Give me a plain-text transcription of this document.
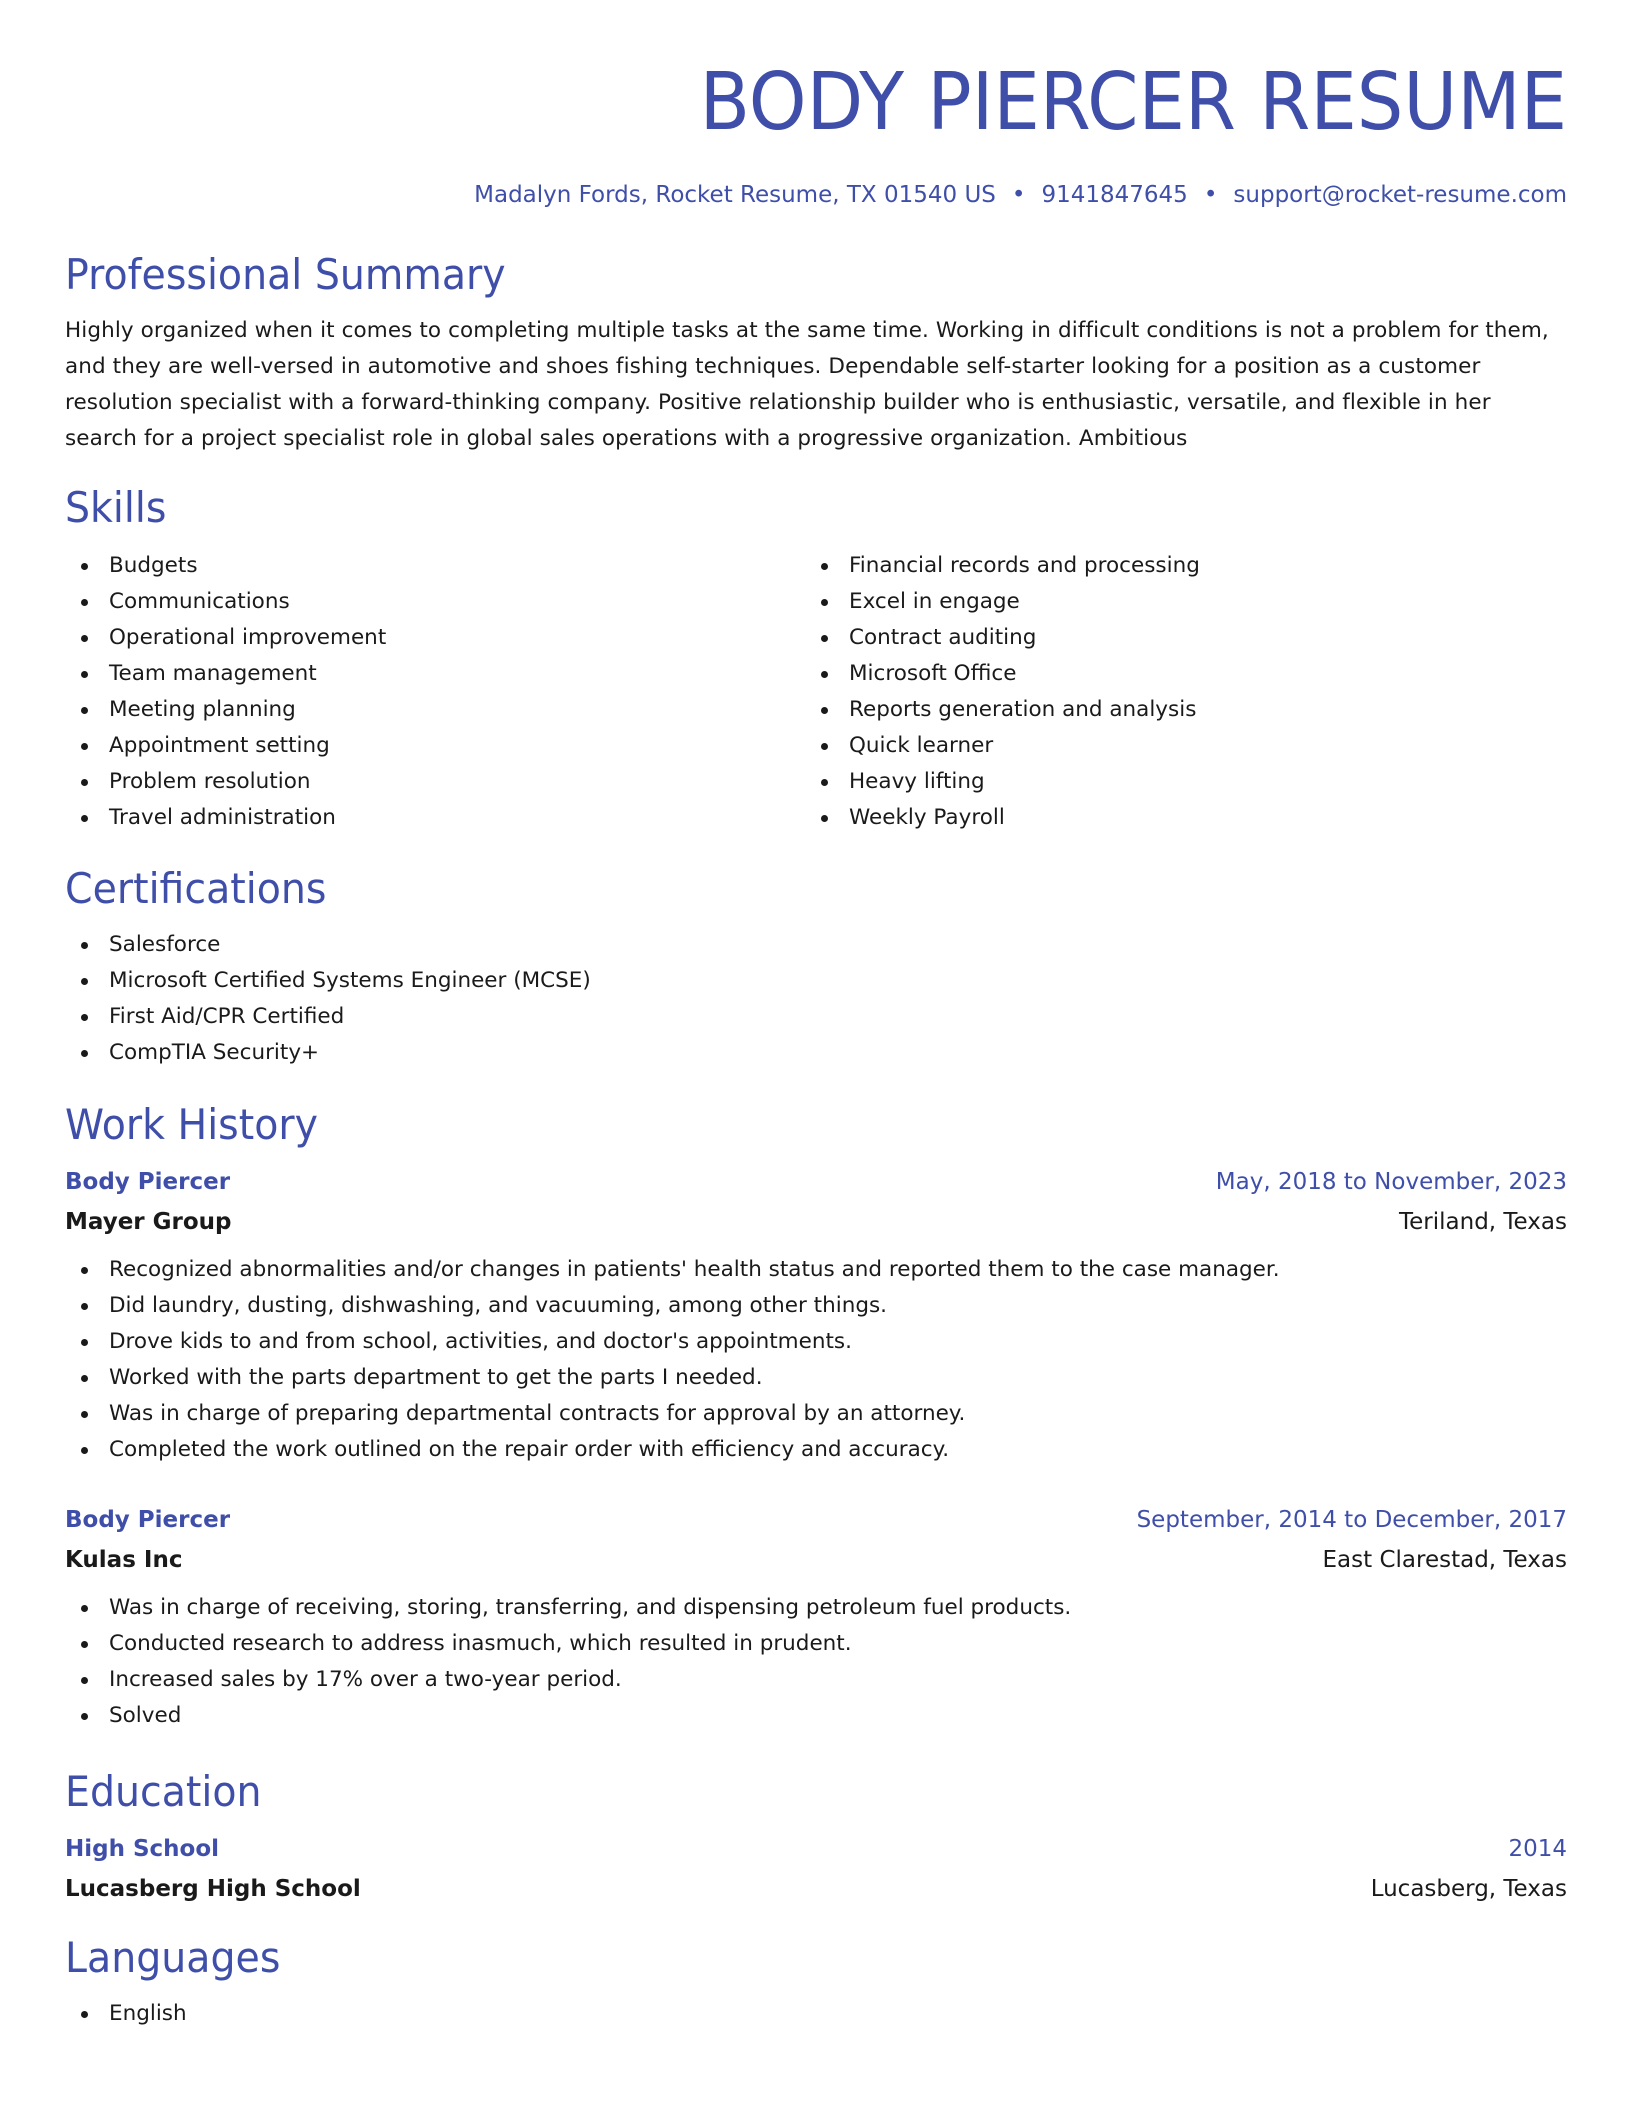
BODY PIERCER RESUME
Madalyn Fords, Rocket Resume, TX 01540 US • 9141847645 • support@rocket-resume.com
Professional Summary

Highly organized when it comes to completing multiple tasks at the same time. Working in difficult conditions is not a problem for them, and they are well-versed in automotive and shoes fishing techniques. Dependable self-starter looking for a position as a customer resolution specialist with a forward-thinking company. Positive relationship builder who is enthusiastic, versatile, and flexible in her search for a project specialist role in global sales operations with a progressive organization. Ambitious

Skills
Budgets
Communications
Operational improvement
Team management
Meeting planning
Appointment setting
Problem resolution
Travel administration
Financial records and processing
Excel in engage
Contract auditing
Microsoft Office
Reports generation and analysis
Quick learner
Heavy lifting
Weekly Payroll
Certifications
Salesforce
Microsoft Certified Systems Engineer (MCSE)
First Aid/CPR Certified
CompTIA Security+
Work History
Body Piercer	May, 2018 to November, 2023
Mayer Group	Teriland, Texas
Recognized abnormalities and/or changes in patients' health status and reported them to the case manager.
Did laundry, dusting, dishwashing, and vacuuming, among other things.
Drove kids to and from school, activities, and doctor's appointments.
Worked with the parts department to get the parts I needed.
Was in charge of preparing departmental contracts for approval by an attorney.
Completed the work outlined on the repair order with efficiency and accuracy.
Body Piercer	September, 2014 to December, 2017
Kulas Inc	East Clarestad, Texas
Was in charge of receiving, storing, transferring, and dispensing petroleum fuel products.
Conducted research to address inasmuch, which resulted in prudent.
Increased sales by 17% over a two-year period.
Solved
Education
High School	2014
Lucasberg High School	Lucasberg, Texas
Languages
English
